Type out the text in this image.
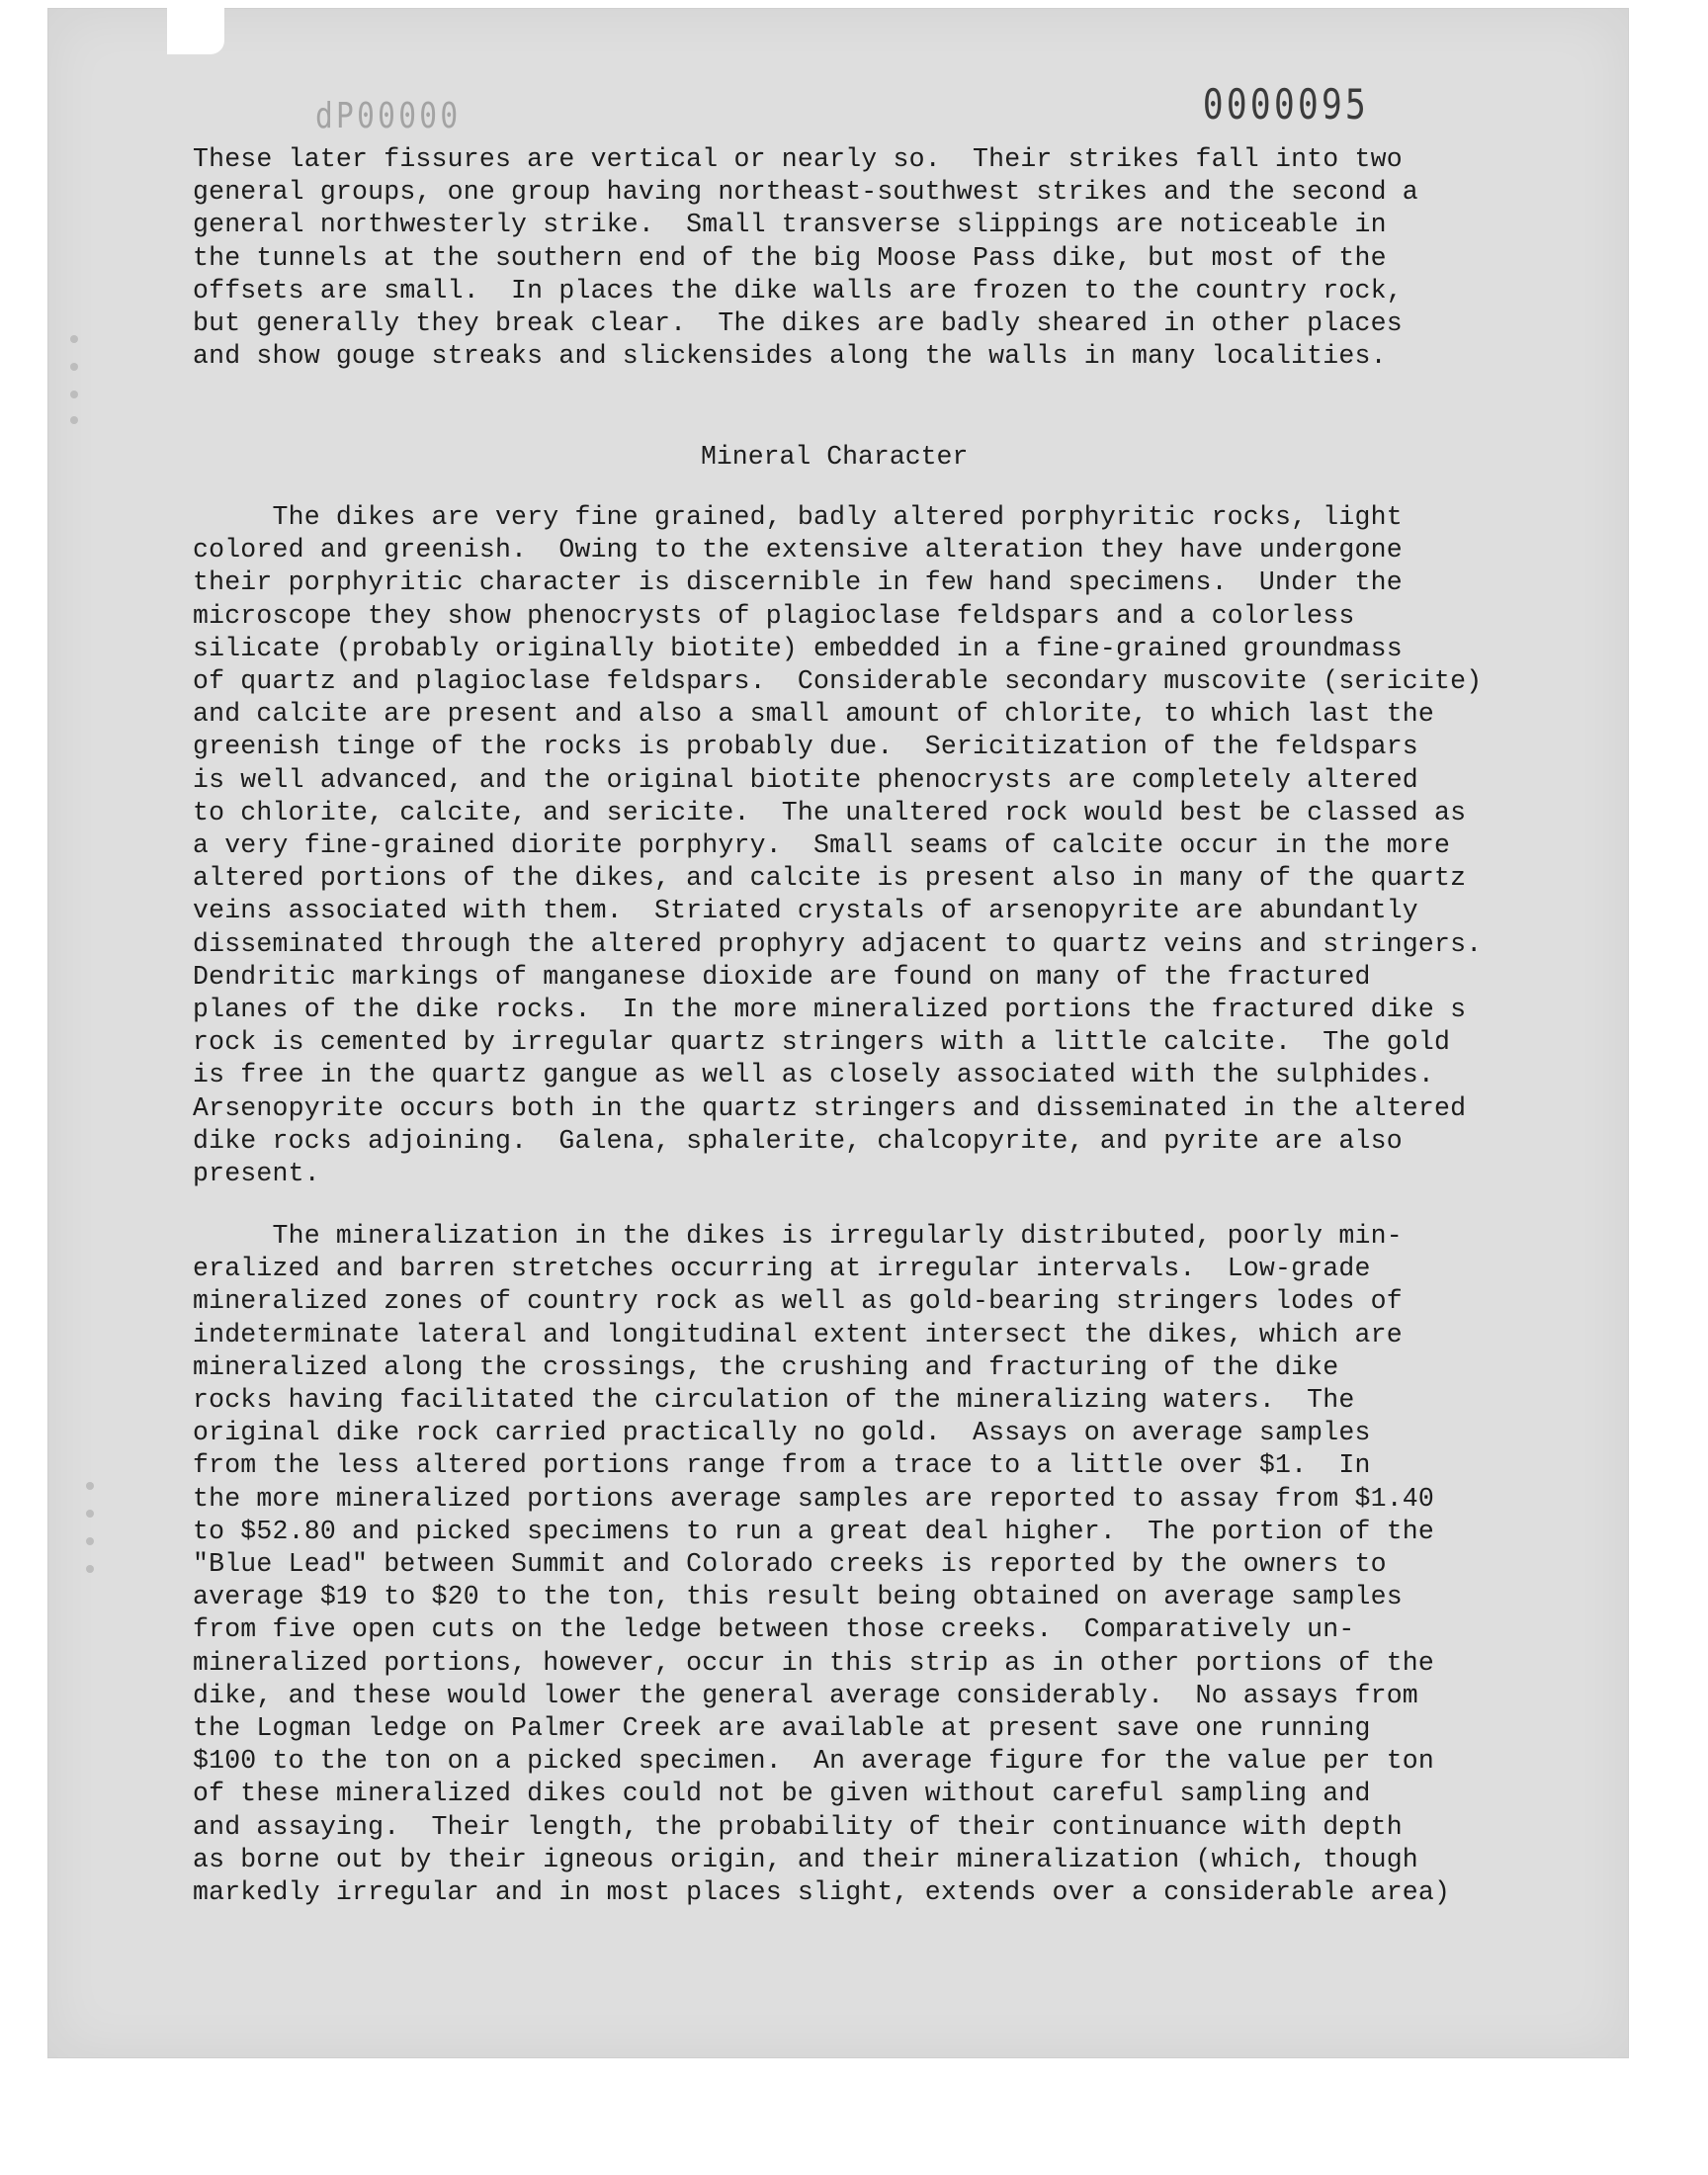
dP00000	0000095
These later fissures are vertical or nearly so.  Their strikes fall into two
general groups, one group having northeast-southwest strikes and the second a
general northwesterly strike.  Small transverse slippings are noticeable in
the tunnels at the southern end of the big Moose Pass dike, but most of the
offsets are small.  In places the dike walls are frozen to the country rock,
but generally they break clear.  The dikes are badly sheared in other places
and show gouge streaks and slickensides along the walls in many localities.
Mineral Character
The dikes are very fine grained, badly altered porphyritic rocks, light
colored and greenish.  Owing to the extensive alteration they have undergone
their porphyritic character is discernible in few hand specimens.  Under the
microscope they show phenocrysts of plagioclase feldspars and a colorless
silicate (probably originally biotite) embedded in a fine-grained groundmass
of quartz and plagioclase feldspars.  Considerable secondary muscovite (sericite)
and calcite are present and also a small amount of chlorite, to which last the
greenish tinge of the rocks is probably due.  Sericitization of the feldspars
is well advanced, and the original biotite phenocrysts are completely altered
to chlorite, calcite, and sericite.  The unaltered rock would best be classed as
a very fine-grained diorite porphyry.  Small seams of calcite occur in the more
altered portions of the dikes, and calcite is present also in many of the quartz
veins associated with them.  Striated crystals of arsenopyrite are abundantly
disseminated through the altered prophyry adjacent to quartz veins and stringers.
Dendritic markings of manganese dioxide are found on many of the fractured
planes of the dike rocks.  In the more mineralized portions the fractured dike s
rock is cemented by irregular quartz stringers with a little calcite.  The gold
is free in the quartz gangue as well as closely associated with the sulphides.
Arsenopyrite occurs both in the quartz stringers and disseminated in the altered
dike rocks adjoining.  Galena, sphalerite, chalcopyrite, and pyrite are also
present.
The mineralization in the dikes is irregularly distributed, poorly min-
eralized and barren stretches occurring at irregular intervals.  Low-grade
mineralized zones of country rock as well as gold-bearing stringers lodes of
indeterminate lateral and longitudinal extent intersect the dikes, which are
mineralized along the crossings, the crushing and fracturing of the dike
rocks having facilitated the circulation of the mineralizing waters.  The
original dike rock carried practically no gold.  Assays on average samples
from the less altered portions range from a trace to a little over $1.  In
the more mineralized portions average samples are reported to assay from $1.40
to $52.80 and picked specimens to run a great deal higher.  The portion of the
"Blue Lead" between Summit and Colorado creeks is reported by the owners to
average $19 to $20 to the ton, this result being obtained on average samples
from five open cuts on the ledge between those creeks.  Comparatively un-
mineralized portions, however, occur in this strip as in other portions of the
dike, and these would lower the general average considerably.  No assays from
the Logman ledge on Palmer Creek are available at present save one running
$100 to the ton on a picked specimen.  An average figure for the value per ton
of these mineralized dikes could not be given without careful sampling and
and assaying.  Their length, the probability of their continuance with depth
as borne out by their igneous origin, and their mineralization (which, though
markedly irregular and in most places slight, extends over a considerable area)
